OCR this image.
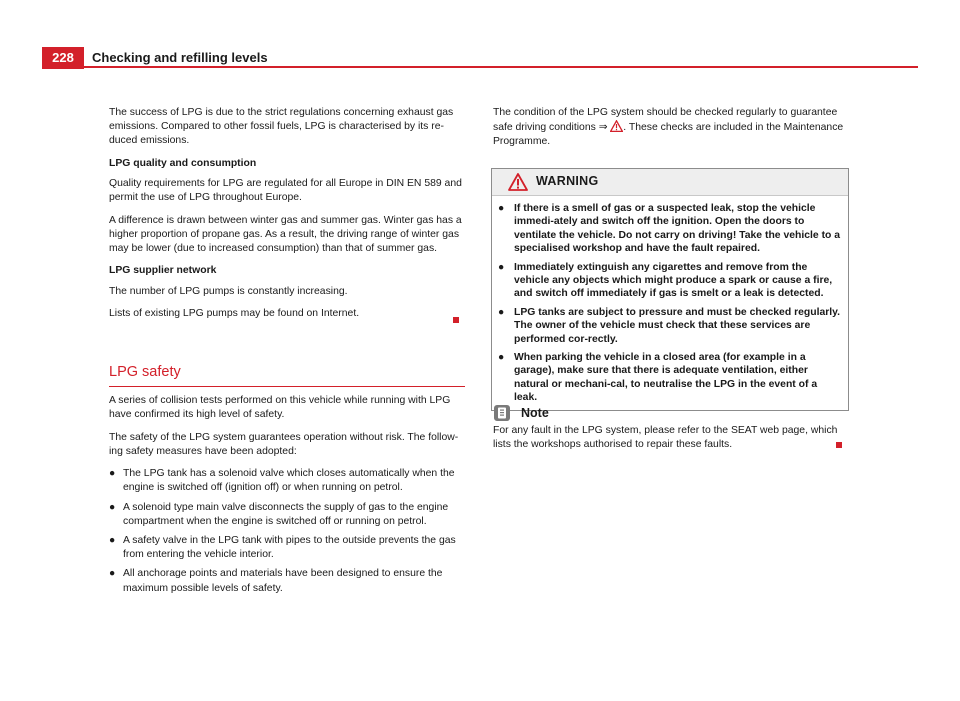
228	Checking and refilling levels

The success of LPG is due to the strict regulations concerning exhaust gas emissions. Compared to other fossil fuels, LPG is characterised by its re-duced emissions.

LPG quality and consumption

Quality requirements for LPG are regulated for all Europe in DIN EN 589 and permit the use of LPG throughout Europe.

A difference is drawn between winter gas and summer gas. Winter gas has a higher proportion of propane gas. As a result, the driving range of winter gas may be lower (due to increased consumption) than that of summer gas.

LPG supplier network

The number of LPG pumps is constantly increasing.

Lists of existing LPG pumps may be found on Internet.

LPG safety

A series of collision tests performed on this vehicle while running with LPG have confirmed its high level of safety.

The safety of the LPG system guarantees operation without risk. The follow-ing safety measures have been adopted:

● The LPG tank has a solenoid valve which closes automatically when the engine is switched off (ignition off) or when running on petrol.
● A solenoid type main valve disconnects the supply of gas to the engine compartment when the engine is switched off or running on petrol.
● A safety valve in the LPG tank with pipes to the outside prevents the gas from entering the vehicle interior.
● All anchorage points and materials have been designed to ensure the maximum possible levels of safety.

The condition of the LPG system should be checked regularly to guarantee safe driving conditions ⇒ . These checks are included in the Maintenance Programme.

WARNING
● If there is a smell of gas or a suspected leak, stop the vehicle immedi-ately and switch off the ignition. Open the doors to ventilate the vehicle. Do not carry on driving! Take the vehicle to a specialised workshop and have the fault repaired.
● Immediately extinguish any cigarettes and remove from the vehicle any objects which might produce a spark or cause a fire, and switch off immediately if gas is smelt or a leak is detected.
● LPG tanks are subject to pressure and must be checked regularly. The owner of the vehicle must check that these services are performed cor-rectly.
● When parking the vehicle in a closed area (for example in a garage), make sure that there is adequate ventilation, either natural or mechani-cal, to neutralise the LPG in the event of a leak.
Note
For any fault in the LPG system, please refer to the SEAT web page, which lists the workshops authorised to repair these faults.
